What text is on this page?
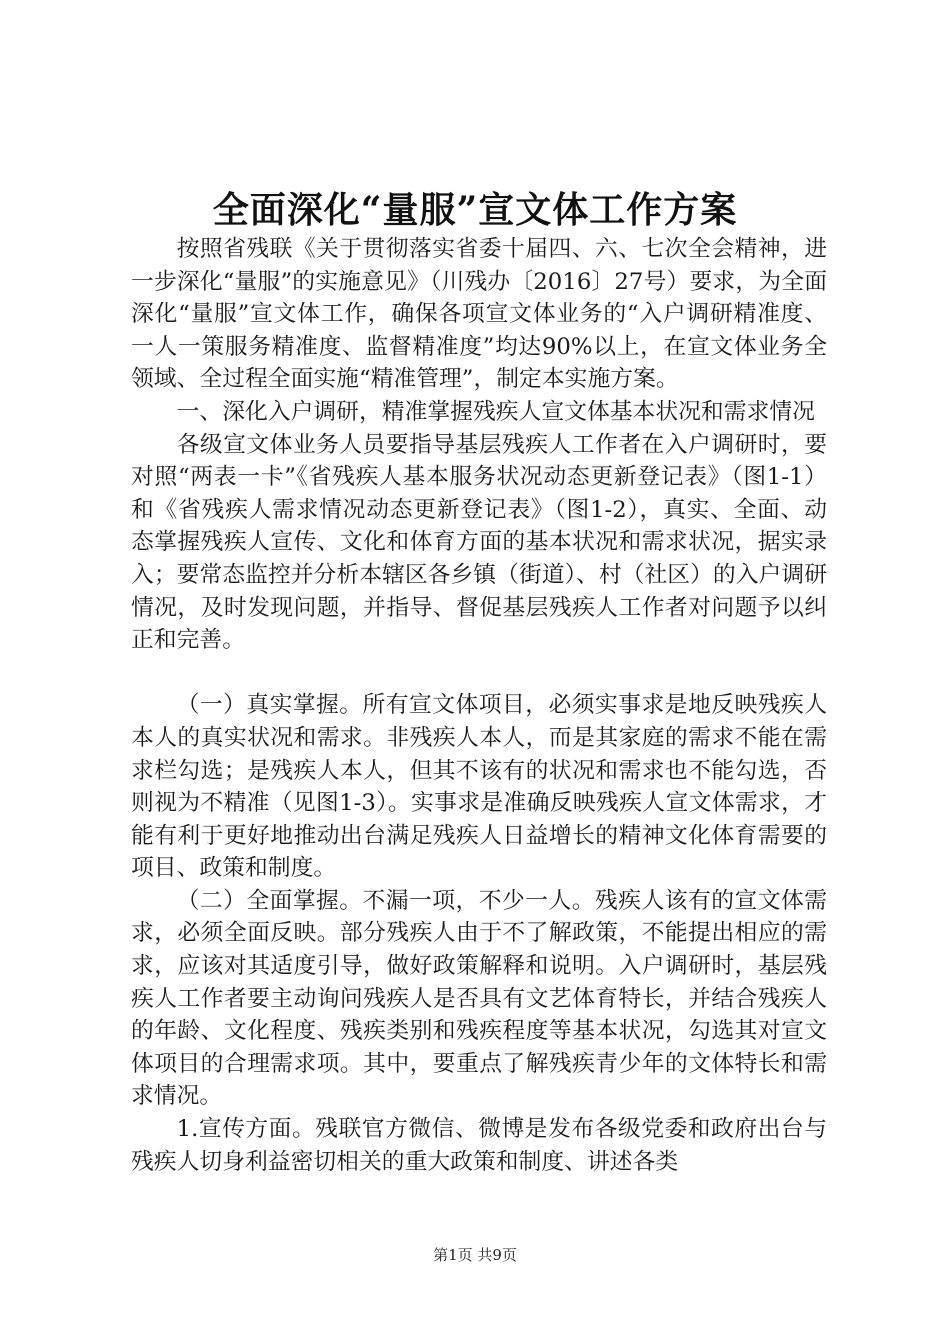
全面深化“量服”宣文体工作方案

按照省残联《关于贯彻落实省委十届四、六、七次全会精神，进一步深化“量服”的实施意见》（川残办〔2016〕27号）要求，为全面深化“量服”宣文体工作，确保各项宣文体业务的“入户调研精准度、一人一策服务精准度、监督精准度”均达90%以上，在宣文体业务全领域、全过程全面实施“精准管理”，制定本实施方案。

一、深化入户调研，精准掌握残疾人宣文体基本状况和需求情况

各级宣文体业务人员要指导基层残疾人工作者在入户调研时，要对照“两表一卡”《省残疾人基本服务状况动态更新登记表》（图1-1）和《省残疾人需求情况动态更新登记表》（图1-2），真实、全面、动态掌握残疾人宣传、文化和体育方面的基本状况和需求状况，据实录入；要常态监控并分析本辖区各乡镇（街道）、村（社区）的入户调研情况，及时发现问题，并指导、督促基层残疾人工作者对问题予以纠正和完善。

（一）真实掌握。所有宣文体项目，必须实事求是地反映残疾人本人的真实状况和需求。非残疾人本人，而是其家庭的需求不能在需求栏勾选；是残疾人本人，但其不该有的状况和需求也不能勾选，否则视为不精准（见图1-3）。实事求是准确反映残疾人宣文体需求，才能有利于更好地推动出台满足残疾人日益增长的精神文化体育需要的项目、政策和制度。

（二）全面掌握。不漏一项，不少一人。残疾人该有的宣文体需求，必须全面反映。部分残疾人由于不了解政策，不能提出相应的需求，应该对其适度引导，做好政策解释和说明。入户调研时，基层残疾人工作者要主动询问残疾人是否具有文艺体育特长，并结合残疾人的年龄、文化程度、残疾类别和残疾程度等基本状况，勾选其对宣文体项目的合理需求项。其中，要重点了解残疾青少年的文体特长和需求情况。

1.宣传方面。残联官方微信、微博是发布各级党委和政府出台与残疾人切身利益密切相关的重大政策和制度、讲述各类

第1页 共9页
